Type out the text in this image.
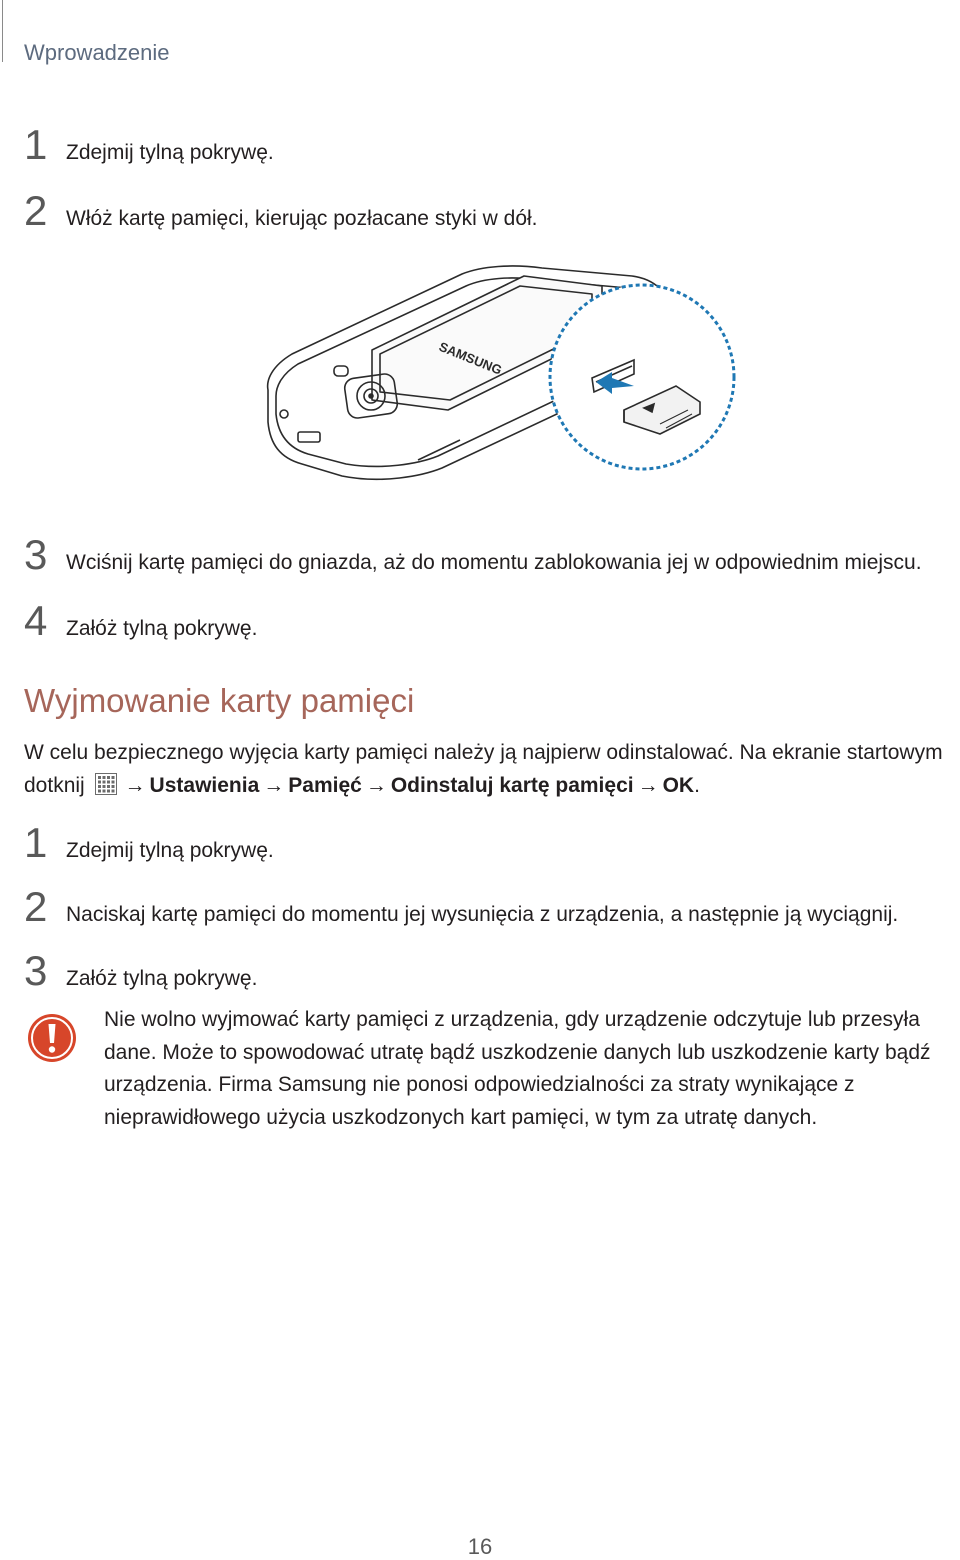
Wprowadzenie
1 Zdejmij tylną pokrywę.
2 Włóż kartę pamięci, kierując pozłacane styki w dół.
SAMSUNG
3 Wciśnij kartę pamięci do gniazda, aż do momentu zablokowania jej w odpowiednim miejscu.
4 Załóż tylną pokrywę.
Wyjmowanie karty pamięci
W celu bezpiecznego wyjęcia karty pamięci należy ją najpierw odinstalować. Na ekranie startowym dotknij → Ustawienia → Pamięć → Odinstaluj kartę pamięci → OK.
1 Zdejmij tylną pokrywę.
2 Naciskaj kartę pamięci do momentu jej wysunięcia z urządzenia, a następnie ją wyciągnij.
3 Załóż tylną pokrywę.
Nie wolno wyjmować karty pamięci z urządzenia, gdy urządzenie odczytuje lub przesyła dane. Może to spowodować utratę bądź uszkodzenie danych lub uszkodzenie karty bądź urządzenia. Firma Samsung nie ponosi odpowiedzialności za straty wynikające z nieprawidłowego użycia uszkodzonych kart pamięci, w tym za utratę danych.
16
